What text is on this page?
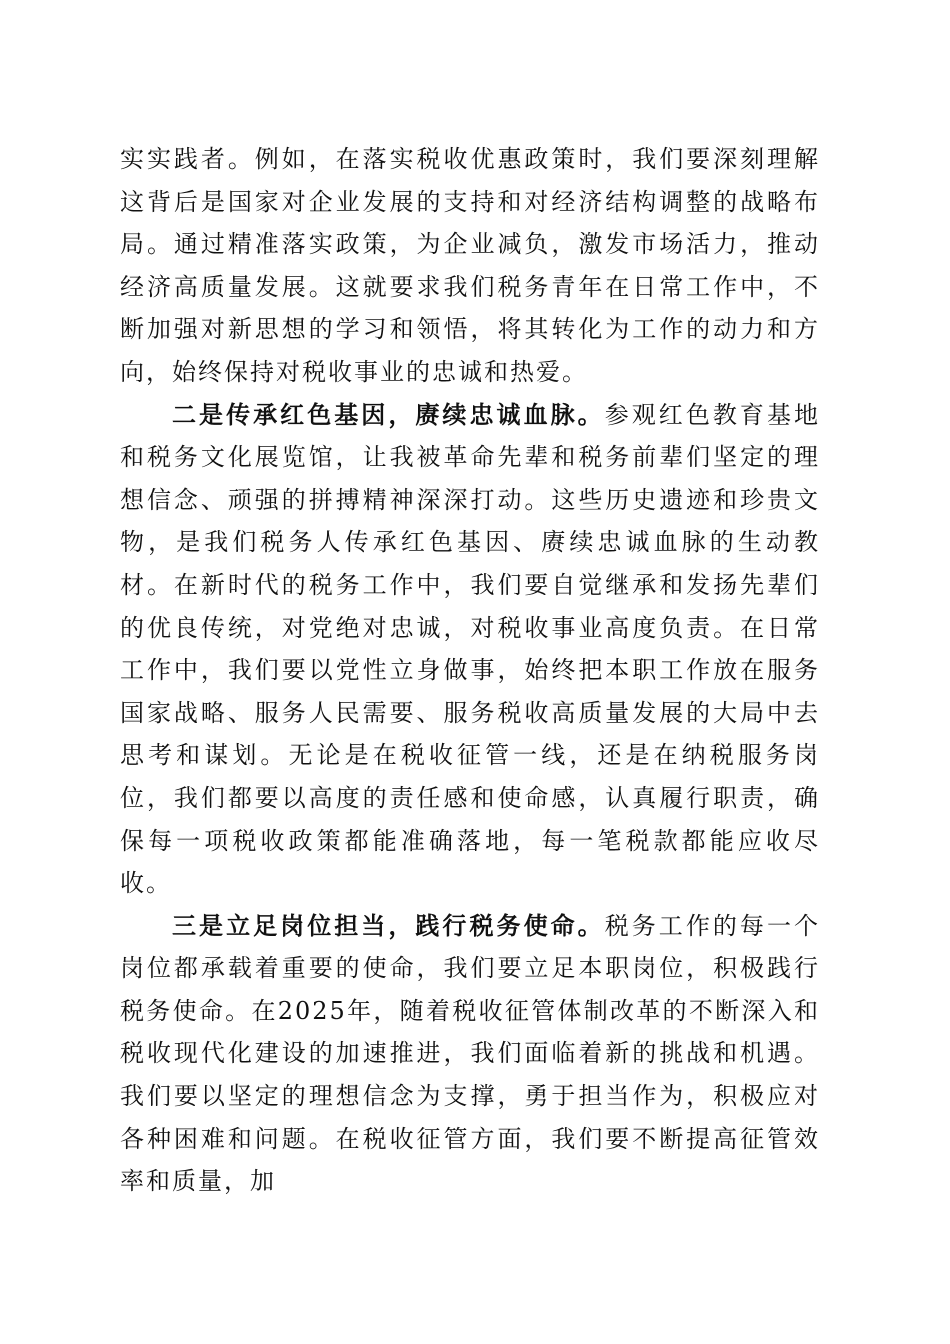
实实践者。例如，在落实税收优惠政策时，我们要深刻理解这背后是国家对企业发展的支持和对经济结构调整的战略布局。通过精准落实政策，为企业减负，激发市场活力，推动经济高质量发展。这就要求我们税务青年在日常工作中，不断加强对新思想的学习和领悟，将其转化为工作的动力和方向，始终保持对税收事业的忠诚和热爱。

二是传承红色基因，赓续忠诚血脉。参观红色教育基地和税务文化展览馆，让我被革命先辈和税务前辈们坚定的理想信念、顽强的拼搏精神深深打动。这些历史遗迹和珍贵文物，是我们税务人传承红色基因、赓续忠诚血脉的生动教材。在新时代的税务工作中，我们要自觉继承和发扬先辈们的优良传统，对党绝对忠诚，对税收事业高度负责。在日常工作中，我们要以党性立身做事，始终把本职工作放在服务国家战略、服务人民需要、服务税收高质量发展的大局中去思考和谋划。无论是在税收征管一线，还是在纳税服务岗位，我们都要以高度的责任感和使命感，认真履行职责，确保每一项税收政策都能准确落地，每一笔税款都能应收尽收。

三是立足岗位担当，践行税务使命。税务工作的每一个岗位都承载着重要的使命，我们要立足本职岗位，积极践行税务使命。在2025年，随着税收征管体制改革的不断深入和税收现代化建设的加速推进，我们面临着新的挑战和机遇。我们要以坚定的理想信念为支撑，勇于担当作为，积极应对各种困难和问题。在税收征管方面，我们要不断提高征管效率和质量，加
